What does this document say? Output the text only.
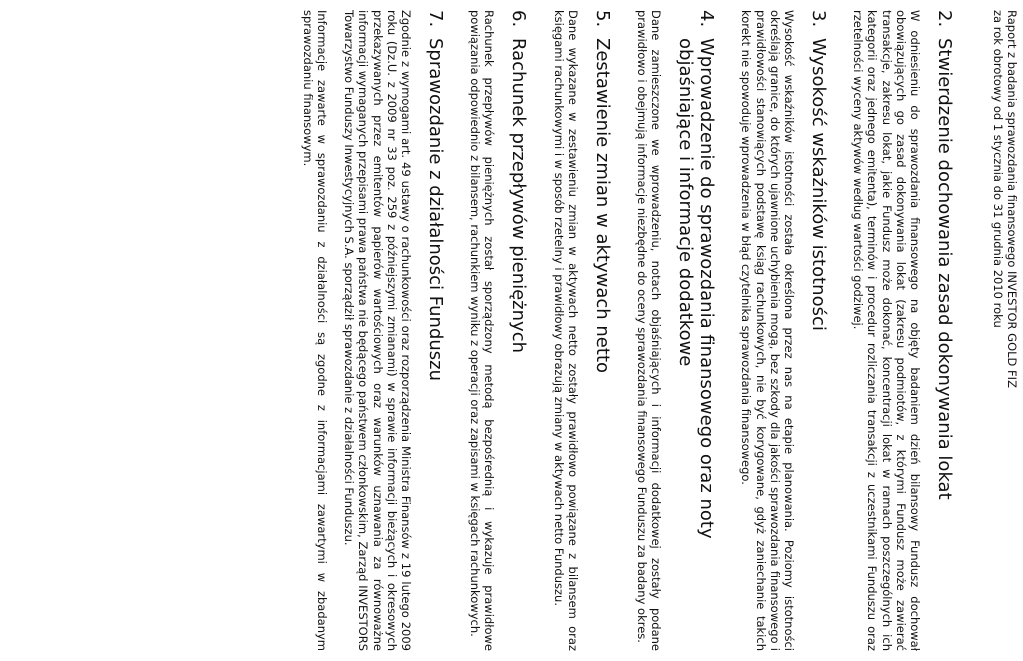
Raport z badania sprawozdania finansowego INVESTOR GOLD FIZ
za rok obrotowy od 1 stycznia do 31 grudnia 2010 roku
2.
Stwierdzenie dochowania zasad dokonywania lokat

W odniesieniu do sprawozdania finansowego na objęty badaniem dzień bilansowy Fundusz dochował obowiązujących go zasad dokonywania lokat (zakresu podmiotów, z którymi Fundusz może zawierać transakcje, zakresu lokat, jakie Fundusz może dokonać, koncentracji lokat w ramach poszczególnych ich kategorii oraz jednego emitenta), terminów i procedur rozliczania transakcji z uczestnikami Funduszu oraz rzetelności wyceny aktywów według wartości godziwej.

3.
Wysokość wskaźników istotności

Wysokość wskaźników istotności została określona przez nas na etapie planowania. Poziomy istotności określają granice, do których ujawnione uchybienia mogą, bez szkody dla jakości sprawozdania finansowego i prawidłowości stanowiących podstawę ksiąg rachunkowych, nie być korygowane, gdyż zaniechanie takich korekt nie spowoduje wprowadzenia w błąd czytelnika sprawozdania finansowego.

4.
Wprowadzenie do sprawozdania finansowego oraz noty objaśniające i informacje dodatkowe

Dane zamieszczone we wprowadzeniu, notach objaśniających i informacji dodatkowej zostały podane prawidłowo i obejmują informacje niezbędne do oceny sprawozdania finansowego Funduszu za badany okres.

5.
Zestawienie zmian w aktywach netto

Dane wykazane w zestawieniu zmian w aktywach netto zostały prawidłowo powiązane z bilansem oraz księgami rachunkowymi i w sposób rzetelny i prawidłowy obrazują zmiany w aktywach netto Funduszu.

6.
Rachunek przepływów pieniężnych

Rachunek przepływów pieniężnych został sporządzony metodą bezpośrednią i wykazuje prawidłowe powiązania odpowiednio z bilansem, rachunkiem wyniku z operacji oraz zapisami w księgach rachunkowych.

7.
Sprawozdanie z działalności Funduszu

Zgodnie z wymogami art. 49 ustawy o rachunkowości oraz rozporządzenia Ministra Finansów z 19 lutego 2009 roku (Dz.U. z 2009 nr 33 poz. 259 z późniejszymi zmianami) w sprawie informacji bieżących i okresowych przekazywanych przez emitentów papierów wartościowych oraz warunków uznawania za równoważne informacji wymaganych przepisami prawa państwa nie będącego państwem członkowskim, Zarząd INVESTORS Towarzystwo Funduszy Inwestycyjnych S.A. sporządził sprawozdanie z działalności Funduszu.

Informacje zawarte w sprawozdaniu z działalności są zgodne z informacjami zawartymi w zbadanym sprawozdaniu finansowym.
